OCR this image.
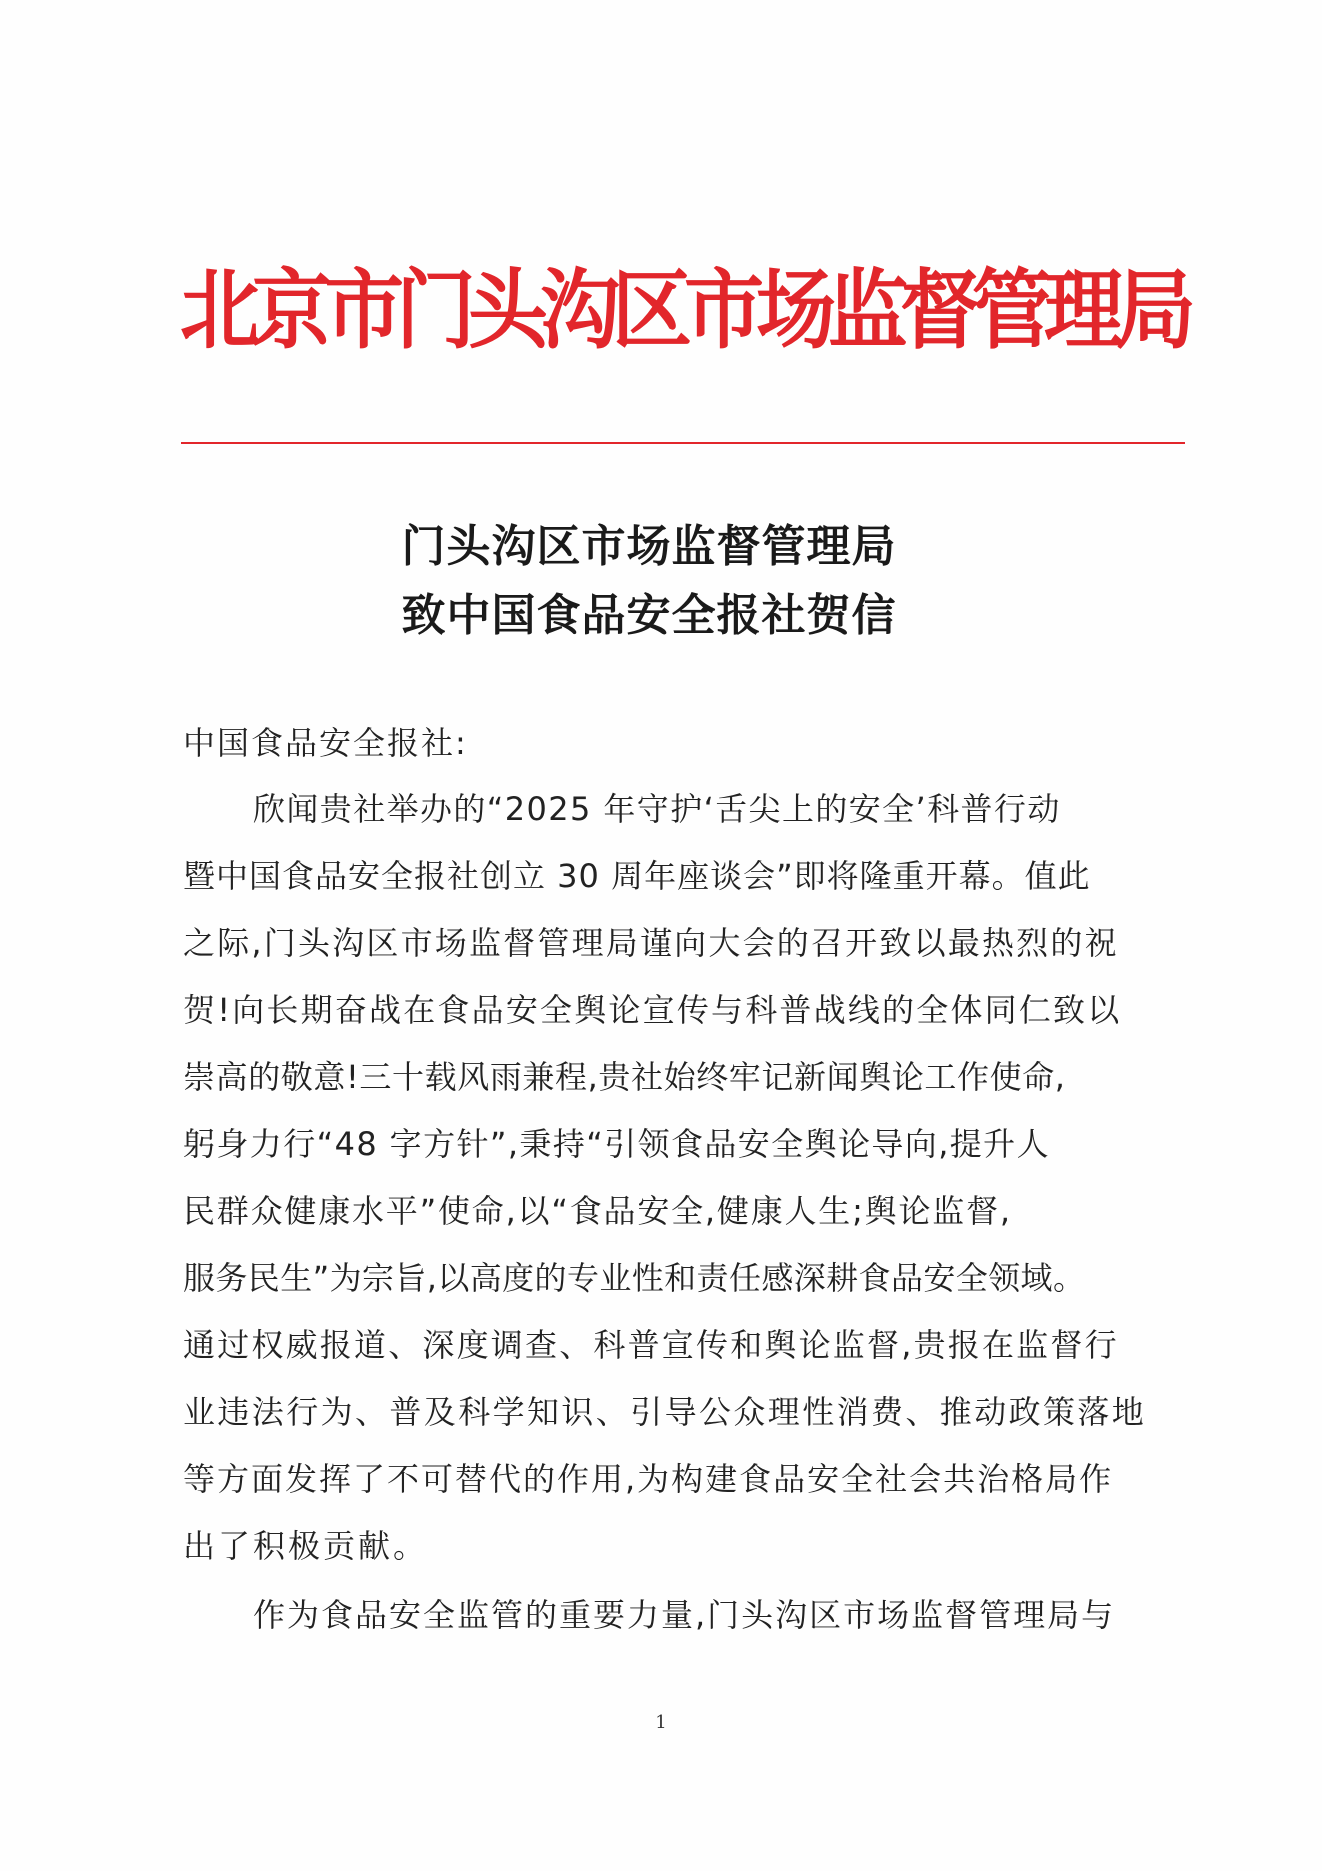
北京市门头沟区市场监督管理局
门头沟区市场监督管理局
致中国食品安全报社贺信
中国食品安全报社:
欣闻贵社举办的“2025 年守护‘舌尖上的安全’科普行动
暨中国食品安全报社创立 30 周年座谈会”即将隆重开幕。值此
之际,门头沟区市场监督管理局谨向大会的召开致以最热烈的祝
贺!向长期奋战在食品安全舆论宣传与科普战线的全体同仁致以
崇高的敬意!三十载风雨兼程,贵社始终牢记新闻舆论工作使命,
躬身力行“48 字方针”,秉持“引领食品安全舆论导向,提升人
民群众健康水平”使命,以“食品安全,健康人生;舆论监督,
服务民生”为宗旨,以高度的专业性和责任感深耕食品安全领域。
通过权威报道、深度调查、科普宣传和舆论监督,贵报在监督行
业违法行为、普及科学知识、引导公众理性消费、推动政策落地
等方面发挥了不可替代的作用,为构建食品安全社会共治格局作
出了积极贡献。
作为食品安全监管的重要力量,门头沟区市场监督管理局与
1
